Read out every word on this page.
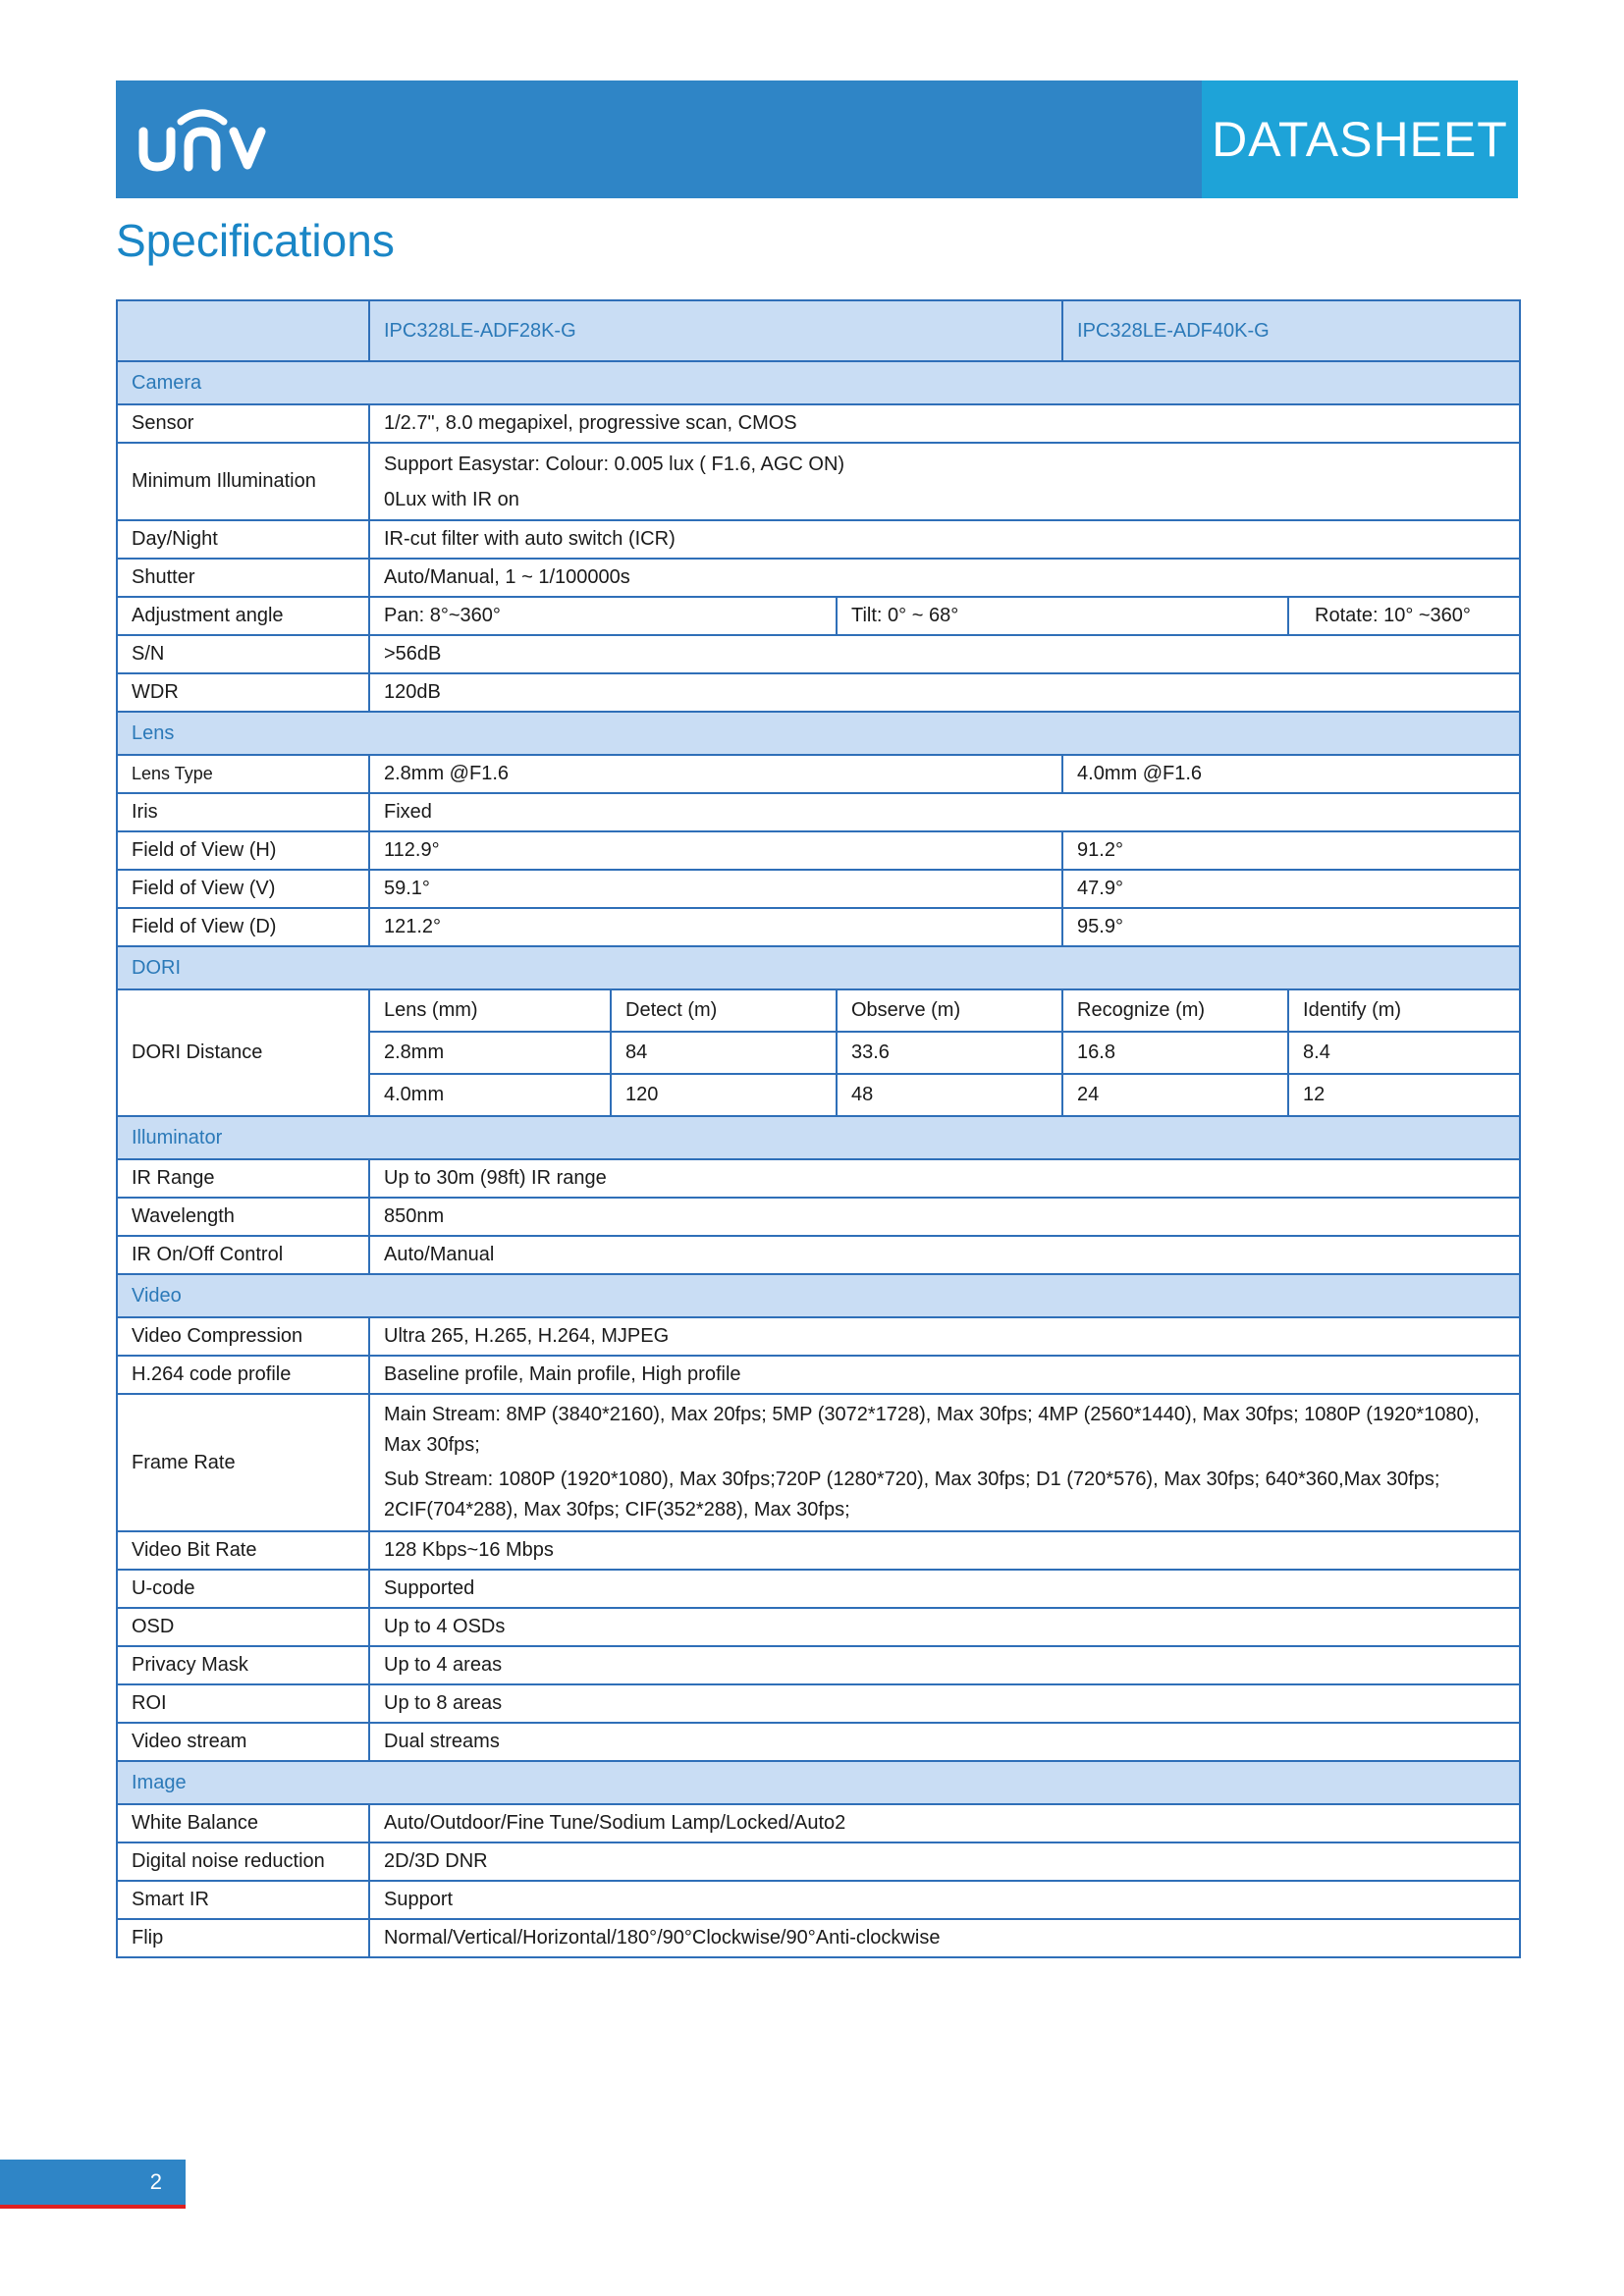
DATASHEET
Specifications
	IPC328LE-ADF28K-G			IPC328LE-ADF40K-G	
Camera					
Sensor	1/2.7", 8.0 megapixel, progressive scan, CMOS				
Minimum Illumination	Support Easystar: Colour: 0.005 lux ( F1.6, AGC ON)
0Lux with IR on				

Day/Night	IR-cut filter with auto switch (ICR)				
Shutter	Auto/Manual, 1 ~ 1/100000s				
Adjustment angle	Pan: 8°~360°		Tilt: 0° ~ 68°		Rotate: 10° ~360°
S/N	>56dB				
WDR	120dB				
Lens					
Lens Type	2.8mm @F1.6			4.0mm @F1.6	
Iris	Fixed				
Field of View (H)	112.9°			91.2°	
Field of View (V)	59.1°			47.9°	
Field of View (D)	121.2°			95.9°	
DORI					
DORI Distance	Lens (mm)	Detect (m)	Observe (m)	Recognize (m)	Identify (m)
	2.8mm	84	33.6	16.8	8.4
	4.0mm	120	48	24	12
Illuminator					
IR Range	Up to 30m (98ft) IR range				
Wavelength	850nm				
IR On/Off Control	Auto/Manual				
Video					
Video Compression	Ultra 265, H.265, H.264, MJPEG				
H.264 code profile	Baseline profile, Main profile, High profile				
Frame Rate	Main Stream: 8MP (3840*2160), Max 20fps; 5MP (3072*1728), Max 30fps; 4MP (2560*1440), Max 30fps; 1080P (1920*1080), Max 30fps;
Sub Stream: 1080P (1920*1080), Max 30fps;720P (1280*720), Max 30fps; D1 (720*576), Max 30fps; 640*360,Max 30fps; 2CIF(704*288), Max 30fps; CIF(352*288), Max 30fps;				

Video Bit Rate	128 Kbps~16 Mbps				
U-code	Supported				
OSD	Up to 4 OSDs				
Privacy Mask	Up to 4 areas				
ROI	Up to 8 areas				
Video stream	Dual streams				
Image					
White Balance	Auto/Outdoor/Fine Tune/Sodium Lamp/Locked/Auto2				
Digital noise reduction	2D/3D DNR				
Smart IR	Support				
Flip	Normal/Vertical/Horizontal/180°/90°Clockwise/90°Anti-clockwise				
2
